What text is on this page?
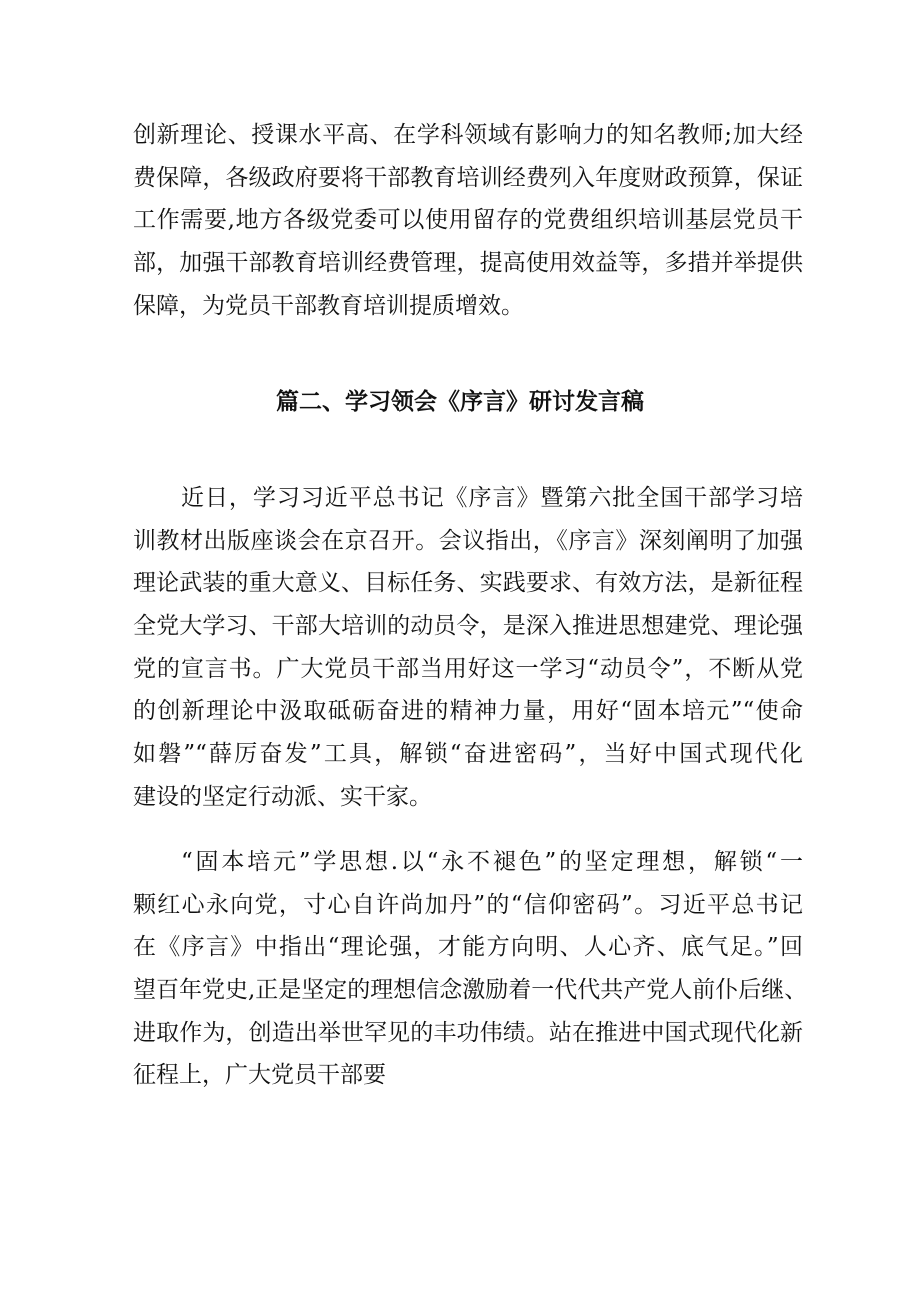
创新理论、授课水平高、在学科领域有影响力的知名教师;加大经
费保障，各级政府要将干部教育培训经费列入年度财政预算，保证
工作需要,地方各级党委可以使用留存的党费组织培训基层党员干
部，加强干部教育培训经费管理，提高使用效益等，多措并举提供
保障，为党员干部教育培训提质增效。
篇二、学习领会《序言》研讨发言稿
近日，学习习近平总书记《序言》暨第六批全国干部学习培
训教材出版座谈会在京召开。会议指出，《序言》深刻阐明了加强
理论武装的重大意义、目标任务、实践要求、有效方法，是新征程
全党大学习、干部大培训的动员令，是深入推进思想建党、理论强
党的宣言书。广大党员干部当用好这一学习“动员令”，不断从党
的创新理论中汲取砥砺奋进的精神力量，用好“固本培元”“使命
如磐”“薛厉奋发”工具，解锁“奋进密码”，当好中国式现代化
建设的坚定行动派、实干家。
“固本培元”学思想.以“永不褪色”的坚定理想，解锁“一
颗红心永向党，寸心自许尚加丹”的“信仰密码”。习近平总书记
在《序言》中指出“理论强，才能方向明、人心齐、底气足。”回
望百年党史,正是坚定的理想信念激励着一代代共产党人前仆后继、
进取作为，创造出举世罕见的丰功伟绩。站在推进中国式现代化新
征程上，广大党员干部要
